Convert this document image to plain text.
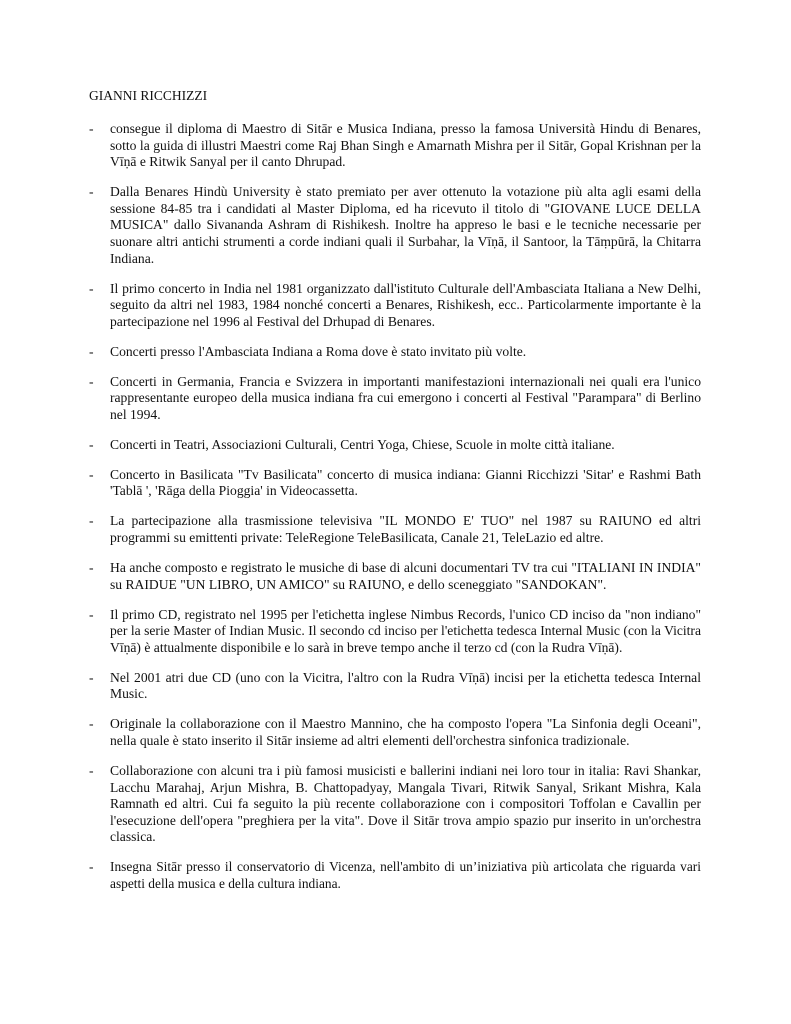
GIANNI RICCHIZZI
- consegue il diploma di Maestro di Sitār e Musica Indiana, presso la famosa Università Hindu di Benares, sotto la guida di illustri Maestri come Raj Bhan Singh e Amarnath Mishra per il Sitār, Gopal Krishnan per la Vīṇā e Ritwik Sanyal per il canto Dhrupad.
- Dalla Benares Hindù University è stato premiato per aver ottenuto la votazione più alta agli esami della sessione 84-85 tra i candidati al Master Diploma, ed ha ricevuto il titolo di "GIOVANE LUCE DELLA MUSICA" dallo Sivananda Ashram di Rishikesh. Inoltre ha appreso le basi e le tecniche necessarie per suonare altri antichi strumenti a corde indiani quali il Surbahar, la Vīṇā, il Santoor, la Tāṃpūrā, la Chitarra Indiana.
- Il primo concerto in India nel 1981 organizzato dall'istituto Culturale dell'Ambasciata Italiana a New Delhi, seguito da altri nel 1983, 1984 nonché concerti a Benares, Rishikesh, ecc.. Particolarmente importante è la partecipazione nel 1996 al Festival del Drhupad di Benares.
- Concerti presso l'Ambasciata Indiana a Roma dove è stato invitato più volte.
- Concerti in Germania, Francia e Svizzera in importanti manifestazioni internazionali nei quali era l'unico rappresentante europeo della musica indiana fra cui emergono i concerti al Festival "Parampara" di Berlino nel 1994.
- Concerti in Teatri, Associazioni Culturali, Centri Yoga, Chiese, Scuole in molte città italiane.
- Concerto in Basilicata "Tv Basilicata" concerto di musica indiana: Gianni Ricchizzi 'Sitar' e Rashmi Bath 'Tablā ', 'Rāga della Pioggia' in Videocassetta.
- La partecipazione alla trasmissione televisiva "IL MONDO E' TUO" nel 1987 su RAIUNO ed altri programmi su emittenti private: TeleRegione TeleBasilicata, Canale 21, TeleLazio ed altre.
- Ha anche composto e registrato le musiche di base di alcuni documentari TV tra cui "ITALIANI IN INDIA" su RAIDUE "UN LIBRO, UN AMICO" su RAIUNO, e dello sceneggiato "SANDOKAN".
- Il primo CD, registrato nel 1995 per l'etichetta inglese Nimbus Records, l'unico CD inciso da "non indiano" per la serie Master of Indian Music. Il secondo cd inciso per l'etichetta tedesca Internal Music (con la Vicitra Vīṇā) è attualmente disponibile e lo sarà in breve tempo anche il terzo cd (con la Rudra Vīṇā).
- Nel 2001 atri due CD (uno con la Vicitra, l'altro con la Rudra Vīṇā) incisi per la etichetta tedesca Internal Music.
- Originale la collaborazione con il Maestro Mannino, che ha composto l'opera "La Sinfonia degli Oceani", nella quale è stato inserito il Sitār insieme ad altri elementi dell'orchestra sinfonica tradizionale.
- Collaborazione con alcuni tra i più famosi musicisti e ballerini indiani nei loro tour in italia: Ravi Shankar, Lacchu Marahaj, Arjun Mishra, B. Chattopadyay, Mangala Tivari, Ritwik Sanyal, Srikant Mishra, Kala Ramnath ed altri. Cui fa seguito la più recente collaborazione con i compositori Toffolan e Cavallin per l'esecuzione dell'opera "preghiera per la vita". Dove il Sitār trova ampio spazio pur inserito in un'orchestra classica.
- Insegna Sitār presso il conservatorio di Vicenza, nell'ambito di un’iniziativa più articolata che riguarda vari aspetti della musica e della cultura indiana.
